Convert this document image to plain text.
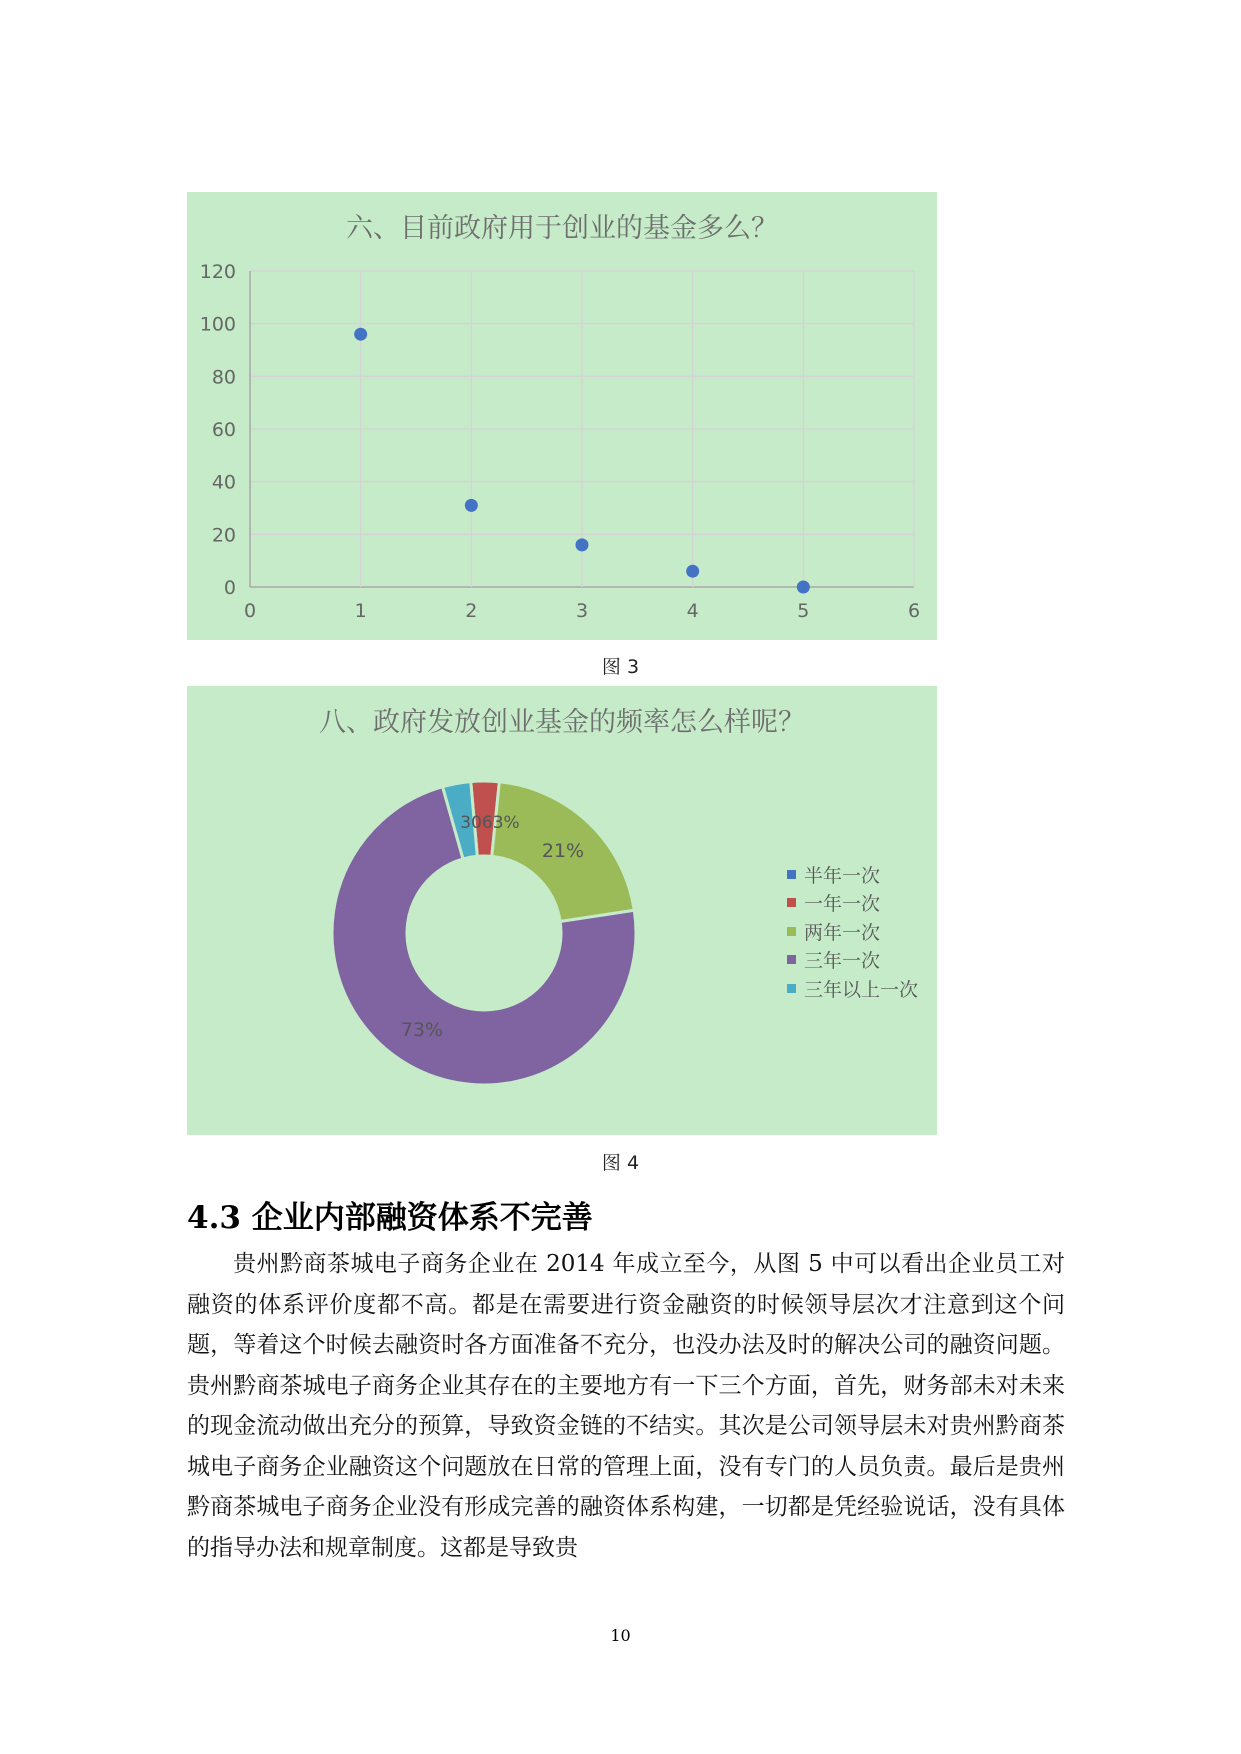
0
20
40
60
80
100
120
0	1	2	3	4	5	6
六、目前政府用于创业的基金多么？
图 3
21%
73%
3063%
八、政府发放创业基金的频率怎么样呢？
半年一次
一年一次
两年一次
三年一次
三年以上一次
图 4
4.3 企业内部融资体系不完善

贵州黔商茶城电子商务企业在 2014 年成立至今，从图 5 中可以看出企业员工对融资的体系评价度都不高。都是在需要进行资金融资的时候领导层次才注意到这个问题，等着这个时候去融资时各方面准备不充分，也没办法及时的解决公司的融资问题。贵州黔商茶城电子商务企业其存在的主要地方有一下三个方面，首先，财务部未对未来的现金流动做出充分的预算，导致资金链的不结实。其次是公司领导层未对贵州黔商茶城电子商务企业融资这个问题放在日常的管理上面，没有专门的人员负责。最后是贵州黔商茶城电子商务企业没有形成完善的融资体系构建，一切都是凭经验说话，没有具体的指导办法和规章制度。这都是导致贵

10
